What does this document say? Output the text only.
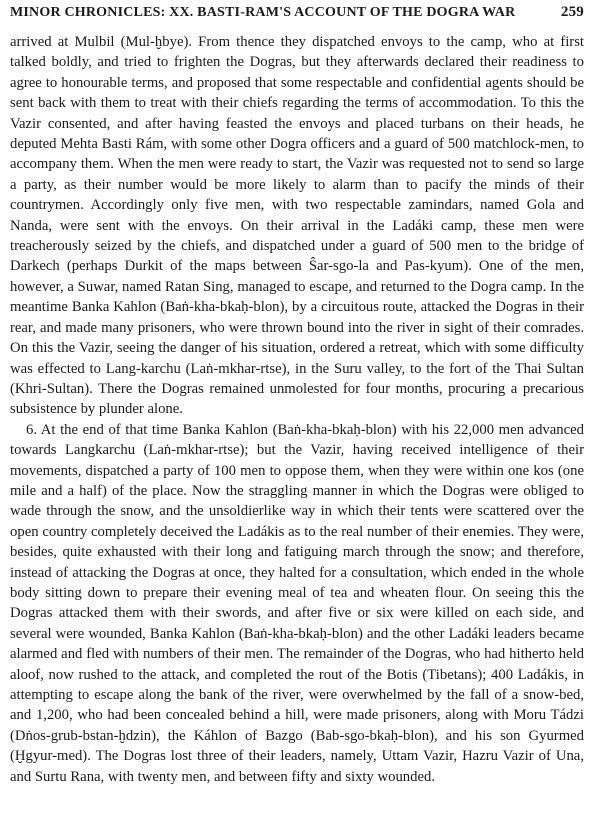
MINOR CHRONICLES: XX. BASTI-RAM'S ACCOUNT OF THE DOGRA WAR	259

arrived at Mulbil (Mul-ḫbye). From thence they dispatched envoys to the camp, who at first talked boldly, and tried to frighten the Dogras, but they afterwards declared their readiness to agree to honourable terms, and proposed that some respectable and confidential agents should be sent back with them to treat with their chiefs regarding the terms of accommodation. To this the Vazir consented, and after having feasted the envoys and placed turbans on their heads, he deputed Mehta Basti Rám, with some other Dogra officers and a guard of 500 matchlock-men, to accompany them. When the men were ready to start, the Vazir was requested not to send so large a party, as their number would be more likely to alarm than to pacify the minds of their countrymen. Accordingly only five men, with two respectable zamindars, named Gola and Nanda, were sent with the envoys. On their arrival in the Ladáki camp, these men were treacherously seized by the chiefs, and dispatched under a guard of 500 men to the bridge of Darkech (perhaps Durkit of the maps between Ŝar-sgo-la and Pas-kyum). One of the men, however, a Suwar, named Ratan Sing, managed to escape, and returned to the Dogra camp. In the meantime Banka Kahlon (Baṅ-kha-bkaḥ-blon), by a circuitous route, attacked the Dogras in their rear, and made many prisoners, who were thrown bound into the river in sight of their comrades. On this the Vazir, seeing the danger of his situation, ordered a retreat, which with some difficulty was effected to Lang-karchu (Laṅ-mkhar-rtse), in the Suru valley, to the fort of the Thai Sultan (Khri-Sultan). There the Dogras remained unmolested for four months, procuring a precarious subsistence by plunder alone.

6. At the end of that time Banka Kahlon (Baṅ-kha-bkaḥ-blon) with his 22,000 men advanced towards Langkarchu (Laṅ-mkhar-rtse); but the Vazir, having received intelligence of their movements, dispatched a party of 100 men to oppose them, when they were within one kos (one mile and a half) of the place. Now the straggling manner in which the Dogras were obliged to wade through the snow, and the unsoldierlike way in which their tents were scattered over the open country completely deceived the Ladákis as to the real number of their enemies. They were, besides, quite exhausted with their long and fatiguing march through the snow; and therefore, instead of attacking the Dogras at once, they halted for a consultation, which ended in the whole body sitting down to prepare their evening meal of tea and wheaten flour. On seeing this the Dogras attacked them with their swords, and after five or six were killed on each side, and several were wounded, Banka Kahlon (Baṅ-kha-bkaḥ-blon) and the other Ladáki leaders became alarmed and fled with numbers of their men. The remainder of the Dogras, who had hitherto held aloof, now rushed to the attack, and completed the rout of the Botis (Tibetans); 400 Ladákis, in attempting to escape along the bank of the river, were overwhelmed by the fall of a snow-bed, and 1,200, who had been concealed behind a hill, were made prisoners, along with Moru Tádzi (Dṅos-grub-bstan-ḫdzin), the Káhlon of Bazgo (Bab-sgo-bkaḥ-blon), and his son Gyurmed (Ḫgyur-med). The Dogras lost three of their leaders, namely, Uttam Vazir, Hazru Vazir of Una, and Surtu Rana, with twenty men, and between fifty and sixty wounded.
